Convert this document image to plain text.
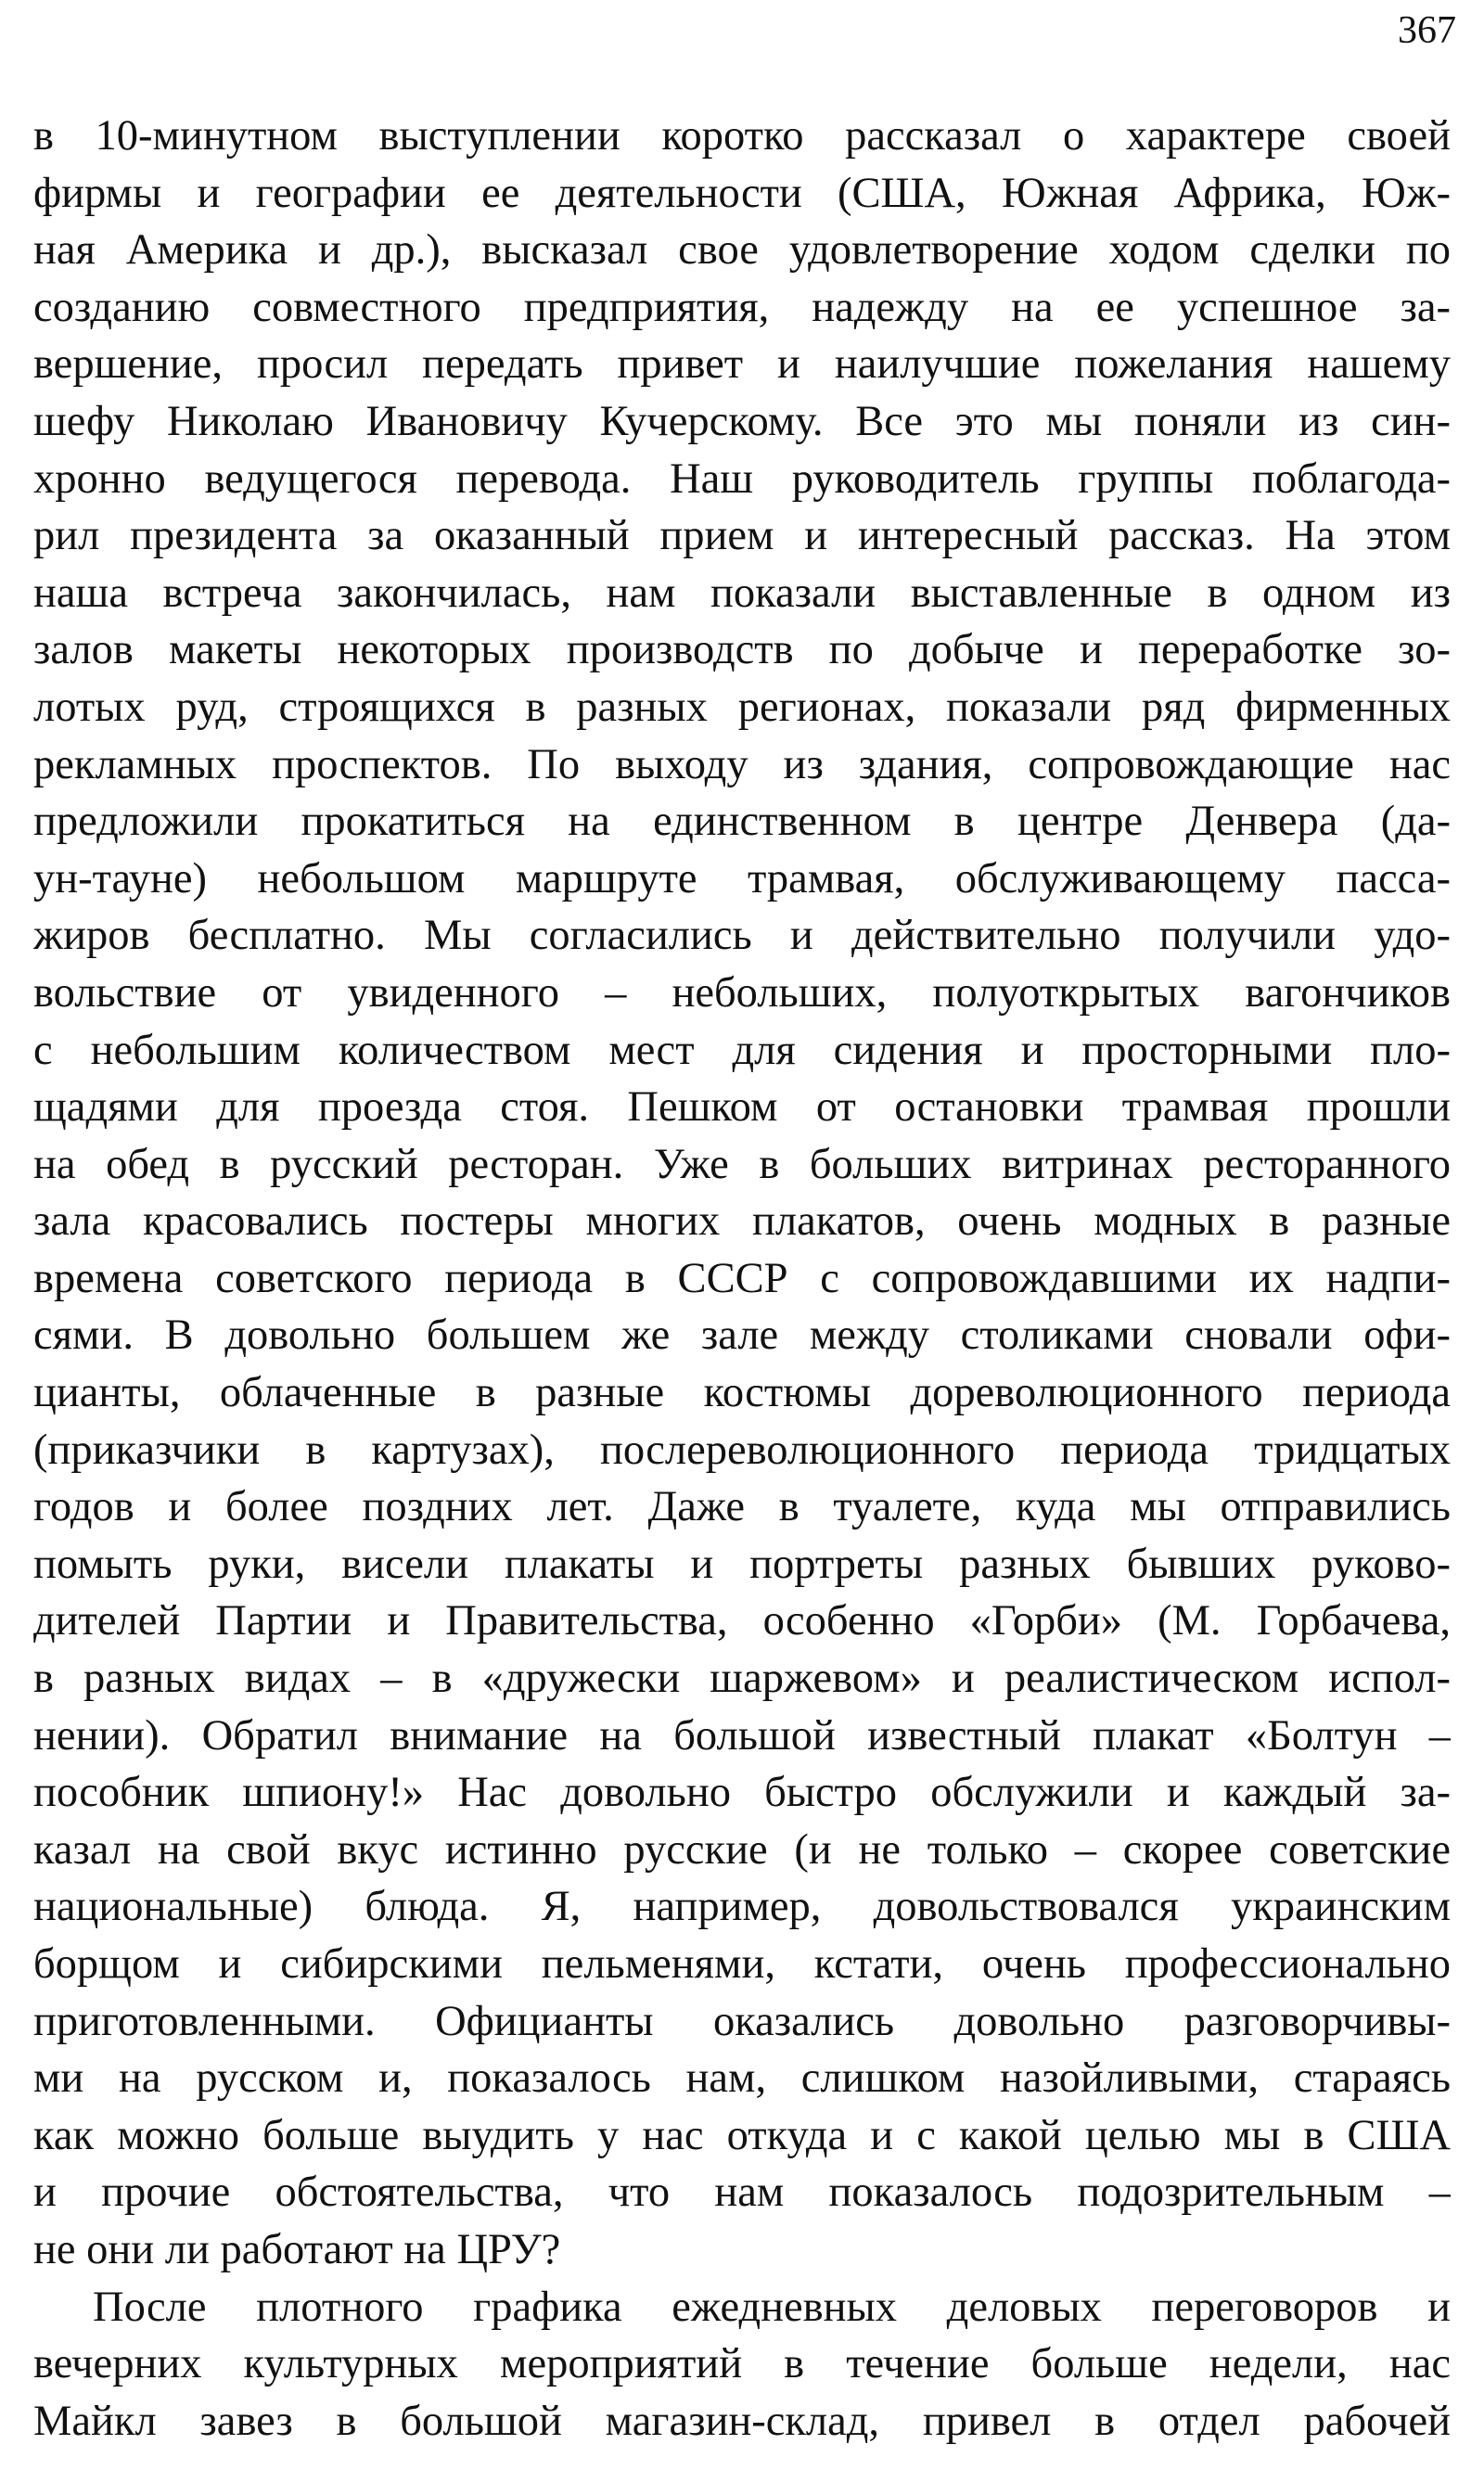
367
в 10-минутном выступлении коротко рассказал о характере своей
фирмы и географии ее деятельности (США, Южная Африка, Юж-
ная Америка и др.), высказал свое удовлетворение ходом сделки по
созданию совместного предприятия, надежду на ее успешное за-
вершение, просил передать привет и наилучшие пожелания нашему
шефу Николаю Ивановичу Кучерскому. Все это мы поняли из син-
хронно ведущегося перевода. Наш руководитель группы поблагода-
рил президента за оказанный прием и интересный рассказ. На этом
наша встреча закончилась, нам показали выставленные в одном из
залов макеты некоторых производств по добыче и переработке зо-
лотых руд, строящихся в разных регионах, показали ряд фирменных
рекламных проспектов. По выходу из здания, сопровождающие нас
предложили прокатиться на единственном в центре Денвера (да-
ун-тауне) небольшом маршруте трамвая, обслуживающему пасса-
жиров бесплатно. Мы согласились и действительно получили удо-
вольствие от увиденного – небольших, полуоткрытых вагончиков
с небольшим количеством мест для сидения и просторными пло-
щадями для проезда стоя. Пешком от остановки трамвая прошли
на обед в русский ресторан. Уже в больших витринах ресторанного
зала красовались постеры многих плакатов, очень модных в разные
времена советского периода в СССР с сопровождавшими их надпи-
сями. В довольно большем же зале между столиками сновали офи-
цианты, облаченные в разные костюмы дореволюционного периода
(приказчики в картузах), послереволюционного периода тридцатых
годов и более поздних лет. Даже в туалете, куда мы отправились
помыть руки, висели плакаты и портреты разных бывших руково-
дителей Партии и Правительства, особенно «Горби» (М. Горбачева,
в разных видах – в «дружески шаржевом» и реалистическом испол-
нении). Обратил внимание на большой известный плакат «Болтун –
пособник шпиону!» Нас довольно быстро обслужили и каждый за-
казал на свой вкус истинно русские (и не только – скорее советские
национальные) блюда. Я, например, довольствовался украинским
борщом и сибирскими пельменями, кстати, очень профессионально
приготовленными. Официанты оказались довольно разговорчивы-
ми на русском и, показалось нам, слишком назойливыми, стараясь
как можно больше выудить у нас откуда и с какой целью мы в США
и прочие обстоятельства, что нам показалось подозрительным –
не они ли работают на ЦРУ?
После плотного графика ежедневных деловых переговоров и
вечерних культурных мероприятий в течение больше недели, нас
Майкл завез в большой магазин-склад, привел в отдел рабочей
